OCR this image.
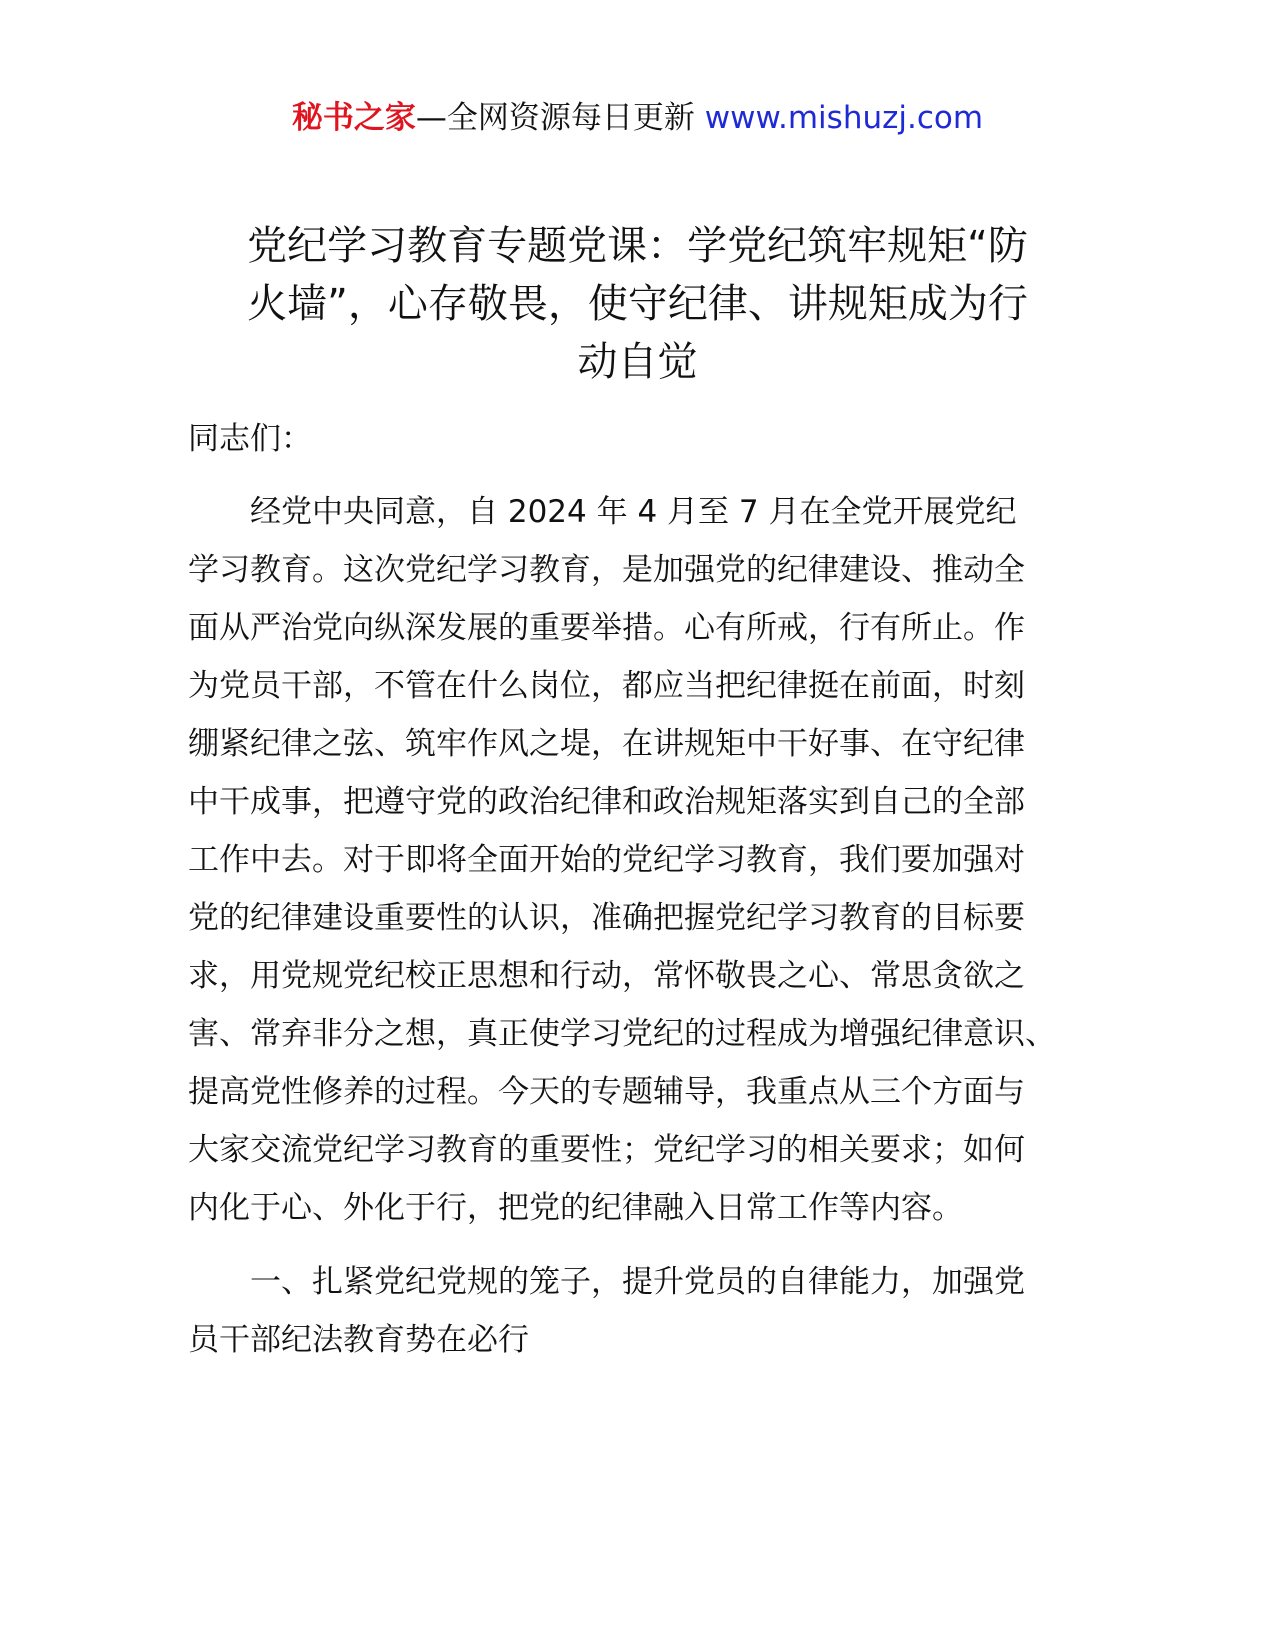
秘书之家—全网资源每日更新 www.mishuzj.com
党纪学习教育专题党课：学党纪筑牢规矩“防
火墙”，心存敬畏，使守纪律、讲规矩成为行
动自觉
同志们：
　　经党中央同意，自 2024 年 4 月至 7 月在全党开展党纪
学习教育。这次党纪学习教育，是加强党的纪律建设、推动全
面从严治党向纵深发展的重要举措。心有所戒，行有所止。作
为党员干部，不管在什么岗位，都应当把纪律挺在前面，时刻
绷紧纪律之弦、筑牢作风之堤，在讲规矩中干好事、在守纪律
中干成事，把遵守党的政治纪律和政治规矩落实到自己的全部
工作中去。对于即将全面开始的党纪学习教育，我们要加强对
党的纪律建设重要性的认识，准确把握党纪学习教育的目标要
求，用党规党纪校正思想和行动，常怀敬畏之心、常思贪欲之
害、常弃非分之想，真正使学习党纪的过程成为增强纪律意识、
提高党性修养的过程。今天的专题辅导，我重点从三个方面与
大家交流党纪学习教育的重要性；党纪学习的相关要求；如何
内化于心、外化于行，把党的纪律融入日常工作等内容。
　　一、扎紧党纪党规的笼子，提升党员的自律能力，加强党
员干部纪法教育势在必行
